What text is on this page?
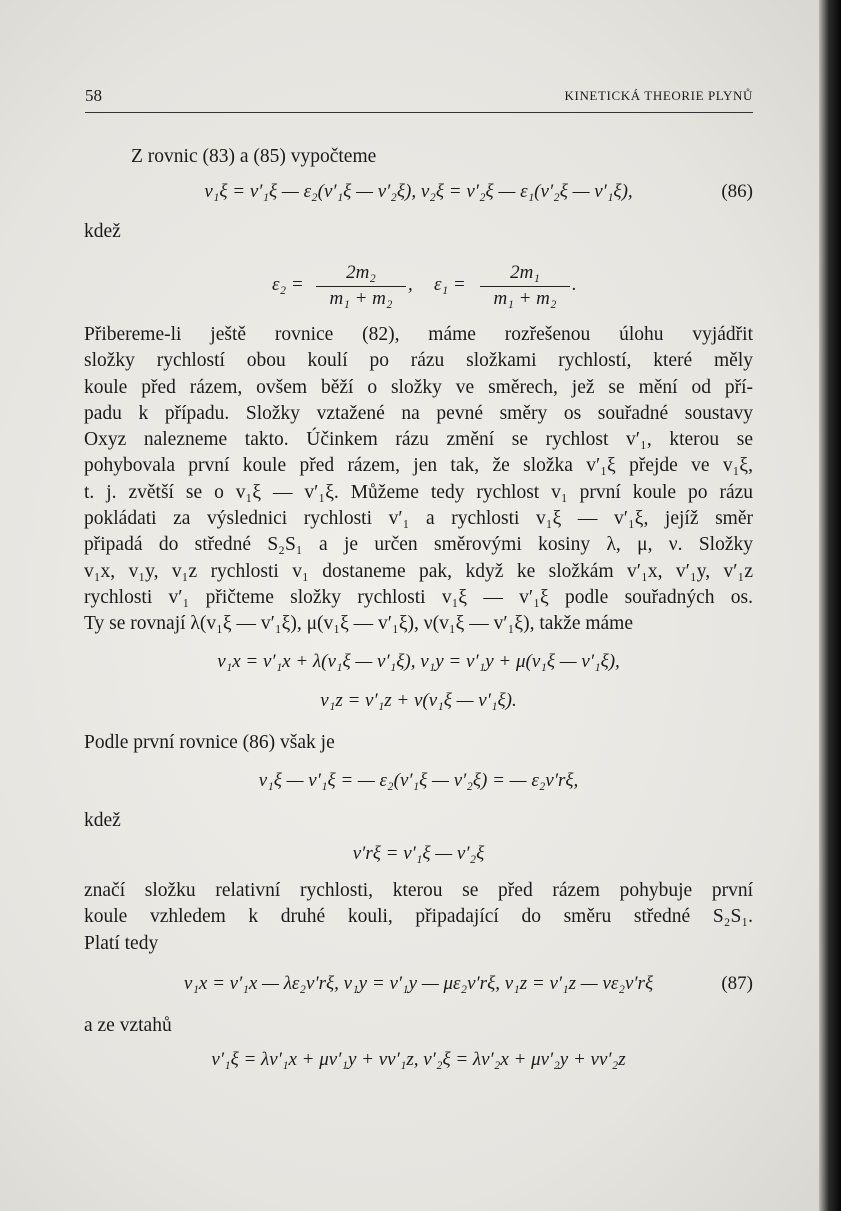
58	KINETICKÁ THEORIE PLYNŮ
Z rovnic (83) a (85) vypočteme
v₁ξ = v′₁ξ — ε₂(v′₁ξ — v′₂ξ), v₂ξ = v′₂ξ — ε₁(v′₂ξ — v′₁ξ),	(86)
kdež
ε₂ =
2m₂
m₁ + m₂
, ε₁ =
2m₁
m₁ + m₂
.

Přibereme-li ještě rovnice (82), máme rozřešenou úlohu vyjádřit

složky rychlostí obou koulí po rázu složkami rychlostí, které měly

koule před rázem, ovšem běží o složky ve směrech, jež se mění od pří-

padu k případu. Složky vztažené na pevné směry os souřadné soustavy

Oxyz nalezneme takto. Účinkem rázu změní se rychlost v′₁, kterou se

pohybovala první koule před rázem, jen tak, že složka v′₁ξ přejde ve v₁ξ,

t. j. zvětší se o v₁ξ — v′₁ξ. Můžeme tedy rychlost v₁ první koule po rázu

pokládati za výslednici rychlosti v′₁ a rychlosti v₁ξ — v′₁ξ, jejíž směr

připadá do středné S₂S₁ a je určen směrovými kosiny λ, μ, ν. Složky

v₁x, v₁y, v₁z rychlosti v₁ dostaneme pak, když ke složkám v′₁x, v′₁y, v′₁z

rychlosti v′₁ přičteme složky rychlosti v₁ξ — v′₁ξ podle souřadných os.

Ty se rovnají λ(v₁ξ — v′₁ξ), μ(v₁ξ — v′₁ξ), ν(v₁ξ — v′₁ξ), takže máme

v₁x = v′₁x + λ(v₁ξ — v′₁ξ), v₁y = v′₁y + μ(v₁ξ — v′₁ξ),
v₁z = v′₁z + ν(v₁ξ — v′₁ξ).
Podle první rovnice (86) však je
v₁ξ — v′₁ξ = — ε₂(v′₁ξ — v′₂ξ) = — ε₂v′rξ,
kdež
v′rξ = v′₁ξ — v′₂ξ

značí složku relativní rychlosti, kterou se před rázem pohybuje první

koule vzhledem k druhé kouli, připadající do směru středné S₂S₁.

Platí tedy

v₁x = v′₁x — λε₂v′rξ, v₁y = v′₁y — με₂v′rξ, v₁z = v′₁z — νε₂v′rξ	(87)
a ze vztahů
v′₁ξ = λv′₁x + μv′₁y + νv′₁z, v′₂ξ = λv′₂x + μv′₂y + νv′₂z
